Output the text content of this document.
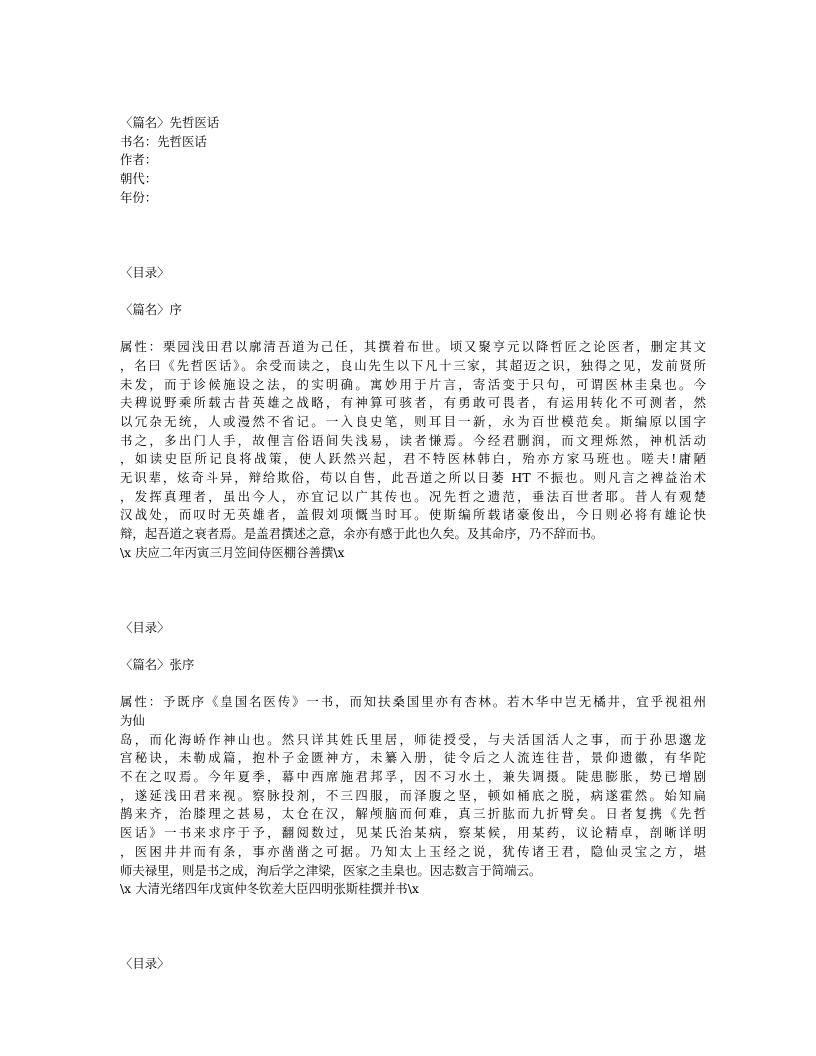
〈篇名〉先哲医话
书名：先哲医话
作者：
朝代：
年份：
〈目录〉
〈篇名〉序
属性：栗园浅田君以廓清吾道为己任，其撰着布世。顷又聚亨元以降哲匠之论医者，删定其文
，名曰《先哲医话》。余受而读之，良山先生以下凡十三家，其超迈之识，独得之见，发前贤所
未发，而于诊候施设之法，的实明确。寓妙用于片言，寄活变于只句，可谓医林圭臬也。今
夫稗说野乘所载古昔英雄之战略，有神算可骇者，有勇敢可畏者，有运用转化不可测者，然
以冗杂无统，人或漫然不省记。一入良史笔，则耳目一新，永为百世模范矣。斯编原以国字
书之，多出门人手，故俚言俗语间失浅易，读者慊焉。今经君删润，而文理烁然，神机活动
，如读史臣所记良将战策，使人跃然兴起，君不特医林韩白，殆亦方家马班也。嗟夫!庸陋
无识辈，炫奇斗异，辩给欺俗，苟以自售，此吾道之所以日萎 HT 不振也。则凡言之裨益治术
，发挥真理者，虽出今人，亦宜记以广其传也。况先哲之遗范，垂法百世者耶。昔人有观楚
汉战处，而叹时无英雄者，盖假刘项慨当时耳。使斯编所载诸豪俊出，今日则必将有雄论快
辩，起吾道之衰者焉。是盖君撰述之意，余亦有感于此也久矣。及其命序，乃不辞而书。
\x 庆应二年丙寅三月笠间侍医棚谷善撰\x
〈目录〉
〈篇名〉张序
属性：予既序《皇国名医传》一书，而知扶桑国里亦有杏林。若木华中岂无橘井，宜乎视祖州
为仙
岛，而化海峤作神山也。然只详其姓氏里居，师徒授受，与夫活国活人之事，而于孙思邈龙
宫秘诀，未勒成篇，抱朴子金匮神方，未纂入册，徒令后之人流连往昔，景仰遗徽，有华陀
不在之叹焉。今年夏季，幕中西席施君邦孚，因不习水土，兼失调摄。陡患膨胀，势已增剧
，遂延浅田君来视。察脉投剂，不三四服，而泽腹之坚，顿如桶底之脱，病遂霍然。始知扁
鹊来齐，治膝理之甚易，太仓在汉，解颅脑而何难，真三折肱而九折臂矣。日者复携《先哲
医话》一书来求序于予，翻阅数过，见某氏治某病，察某候，用某药，议论精卓，剖晰详明
，医困井井而有条，事亦凿凿之可据。乃知太上玉经之说，犹传诸王君，隐仙灵宝之方，堪
师夫禄里，则是书之成，洵后学之津梁，医家之圭臬也。因志数言于简端云。
\x 大清光绪四年戊寅仲冬钦差大臣四明张斯桂撰并书\x
〈目录〉
